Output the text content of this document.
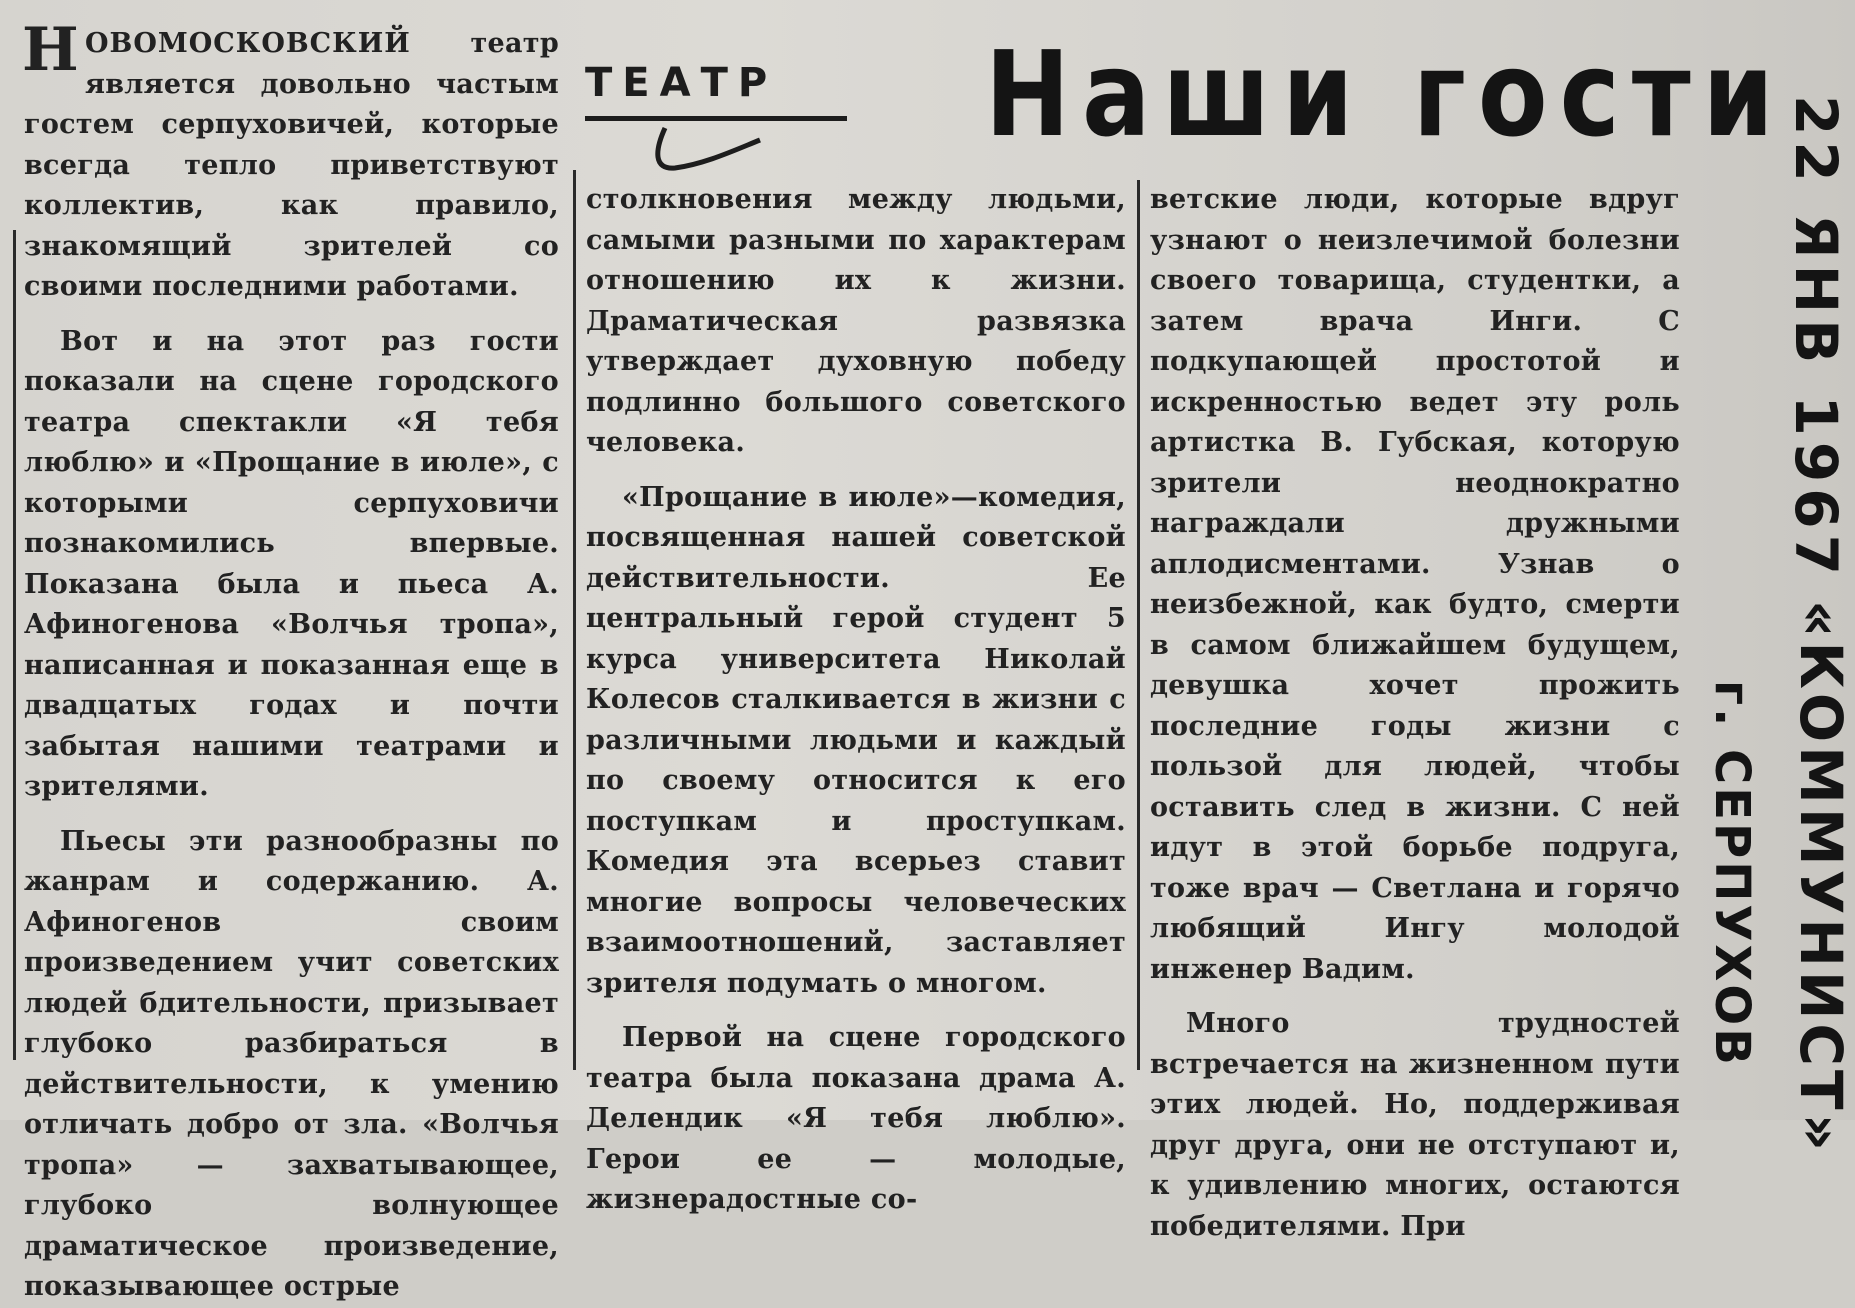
НОВОМОСКОВСКИЙ театр является довольно частым гостем серпуховичей, которые всегда тепло приветствуют коллектив, как правило, знакомящий зрителей со своими последними работами.

Вот и на этот раз гости показали на сцене городского театра спектакли «Я тебя люблю» и «Прощание в июле», с которыми серпуховичи познакомились впервые. Показана была и пьеса А. Афиногенова «Волчья тропа», написанная и показанная еще в двадцатых годах и почти забытая нашими театрами и зрителями.

Пьесы эти разнообразны по жанрам и содержанию. А. Афиногенов своим произведением учит советских людей бдительности, призывает глубоко разбираться в действительности, к умению отличать добро от зла. «Волчья тропа» — захватывающее, глубоко волнующее драматическое произведение, показывающее острые

ТЕАТР	Наши гости

столкновения между людьми, самыми разными по характерам отношению их к жизни. Драматическая развязка утверждает духовную победу подлинно большого советского человека.

«Прощание в июле»—комедия, посвященная нашей советской действительности. Ее центральный герой студент 5 курса университета Николай Колесов сталкивается в жизни с различными людьми и каждый по своему относится к его поступкам и проступкам. Комедия эта всерьез ставит многие вопросы человеческих взаимоотношений, заставляет зрителя подумать о многом.

Первой на сцене городского театра была показана драма А. Делендик «Я тебя люблю». Герои ее — молодые, жизнерадостные со-

ветские люди, которые вдруг узнают о неизлечимой болезни своего товарища, студентки, а затем врача Инги. С подкупающей простотой и искренностью ведет эту роль артистка В. Губская, которую зрители неоднократно награждали дружными аплодисментами. Узнав о неизбежной, как будто, смерти в самом ближайшем будущем, девушка хочет прожить последние годы жизни с пользой для людей, чтобы оставить след в жизни. С ней идут в этой борьбе подруга, тоже врач — Светлана и горячо любящий Ингу молодой инженер Вадим.

Много трудностей встречается на жизненном пути этих людей. Но, поддерживая друг друга, они не отступают и, к удивлению многих, остаются победителями. При

22 ЯНВ 1967
«КОММУНИСТ»
г. СЕРПУХОВ
